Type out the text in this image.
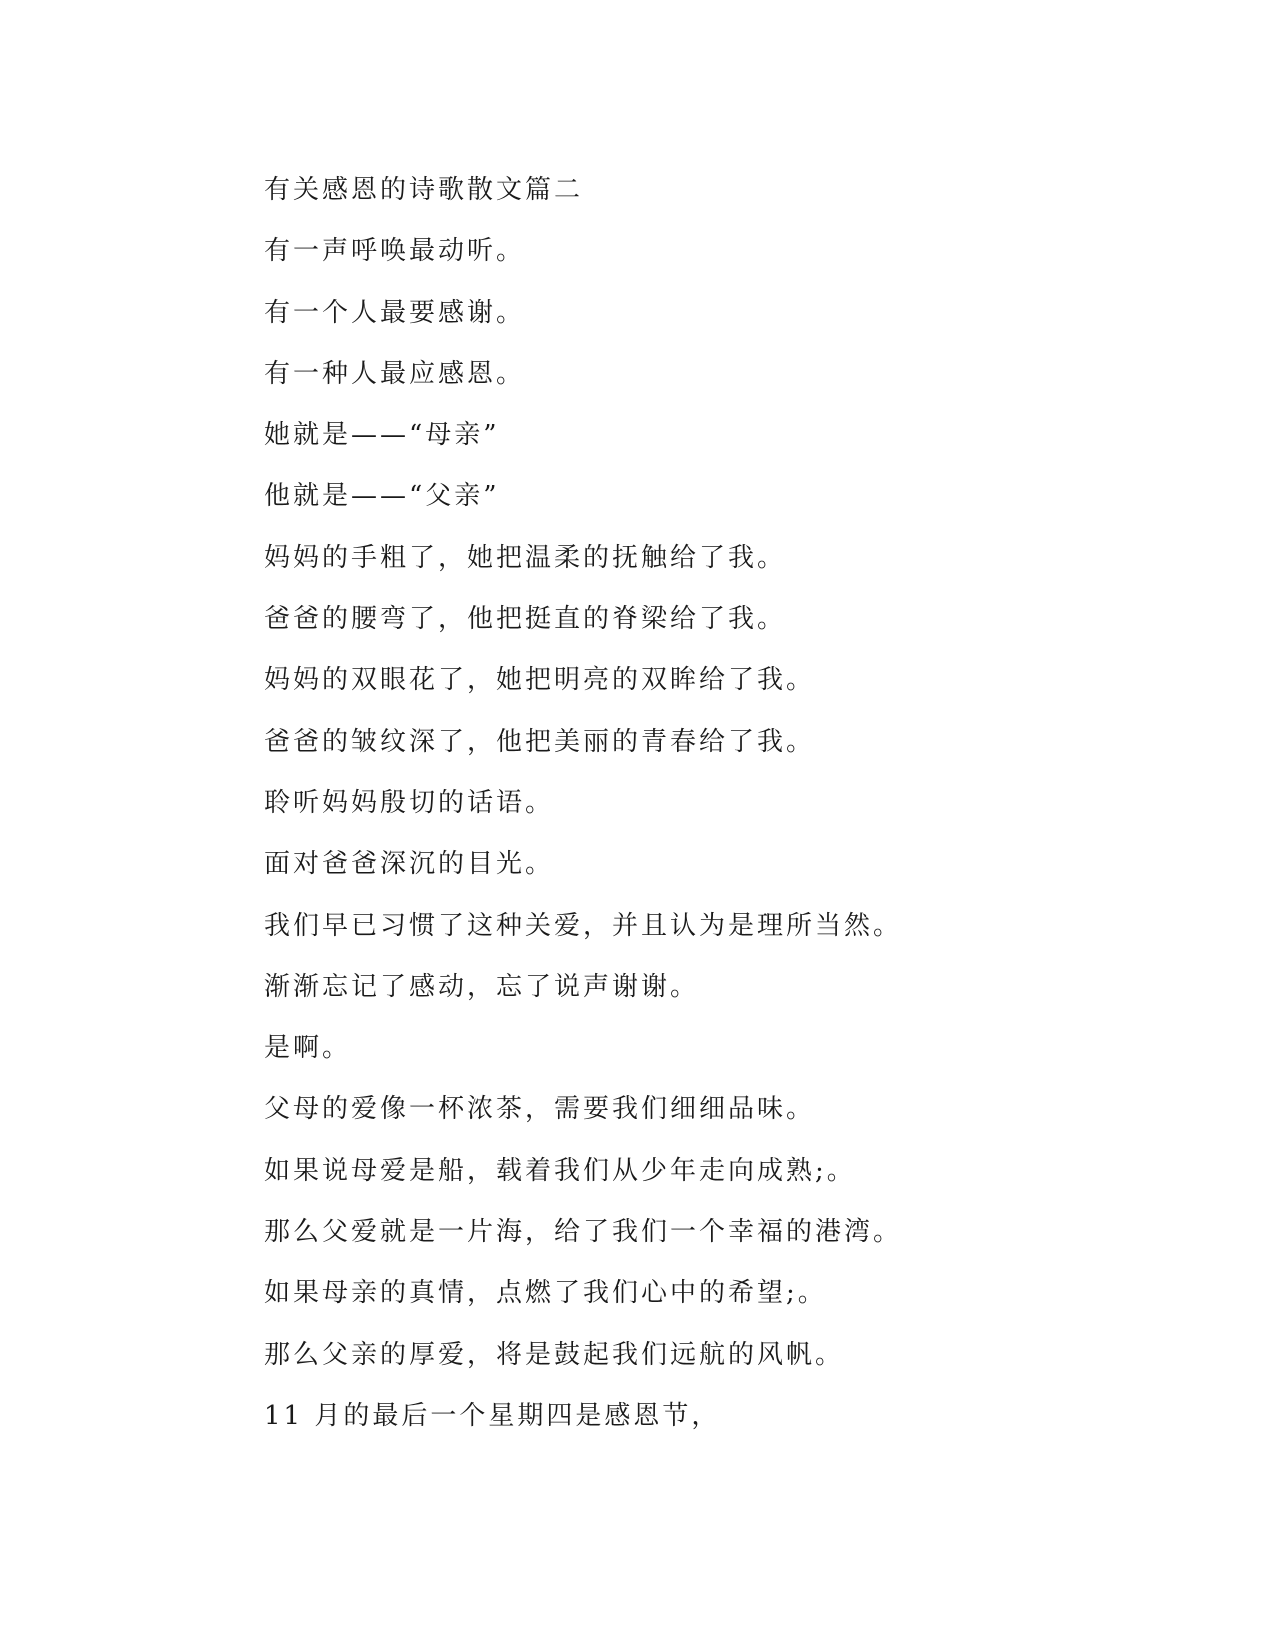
有关感恩的诗歌散文篇二
有一声呼唤最动听。
有一个人最要感谢。
有一种人最应感恩。
她就是——“母亲”
他就是——“父亲”
妈妈的手粗了，她把温柔的抚触给了我。
爸爸的腰弯了，他把挺直的脊梁给了我。
妈妈的双眼花了，她把明亮的双眸给了我。
爸爸的皱纹深了，他把美丽的青春给了我。
聆听妈妈殷切的话语。
面对爸爸深沉的目光。
我们早已习惯了这种关爱，并且认为是理所当然。
渐渐忘记了感动，忘了说声谢谢。
是啊。
父母的爱像一杯浓茶，需要我们细细品味。
如果说母爱是船，载着我们从少年走向成熟;。
那么父爱就是一片海，给了我们一个幸福的港湾。
如果母亲的真情，点燃了我们心中的希望;。
那么父亲的厚爱，将是鼓起我们远航的风帆。
11 月的最后一个星期四是感恩节，
